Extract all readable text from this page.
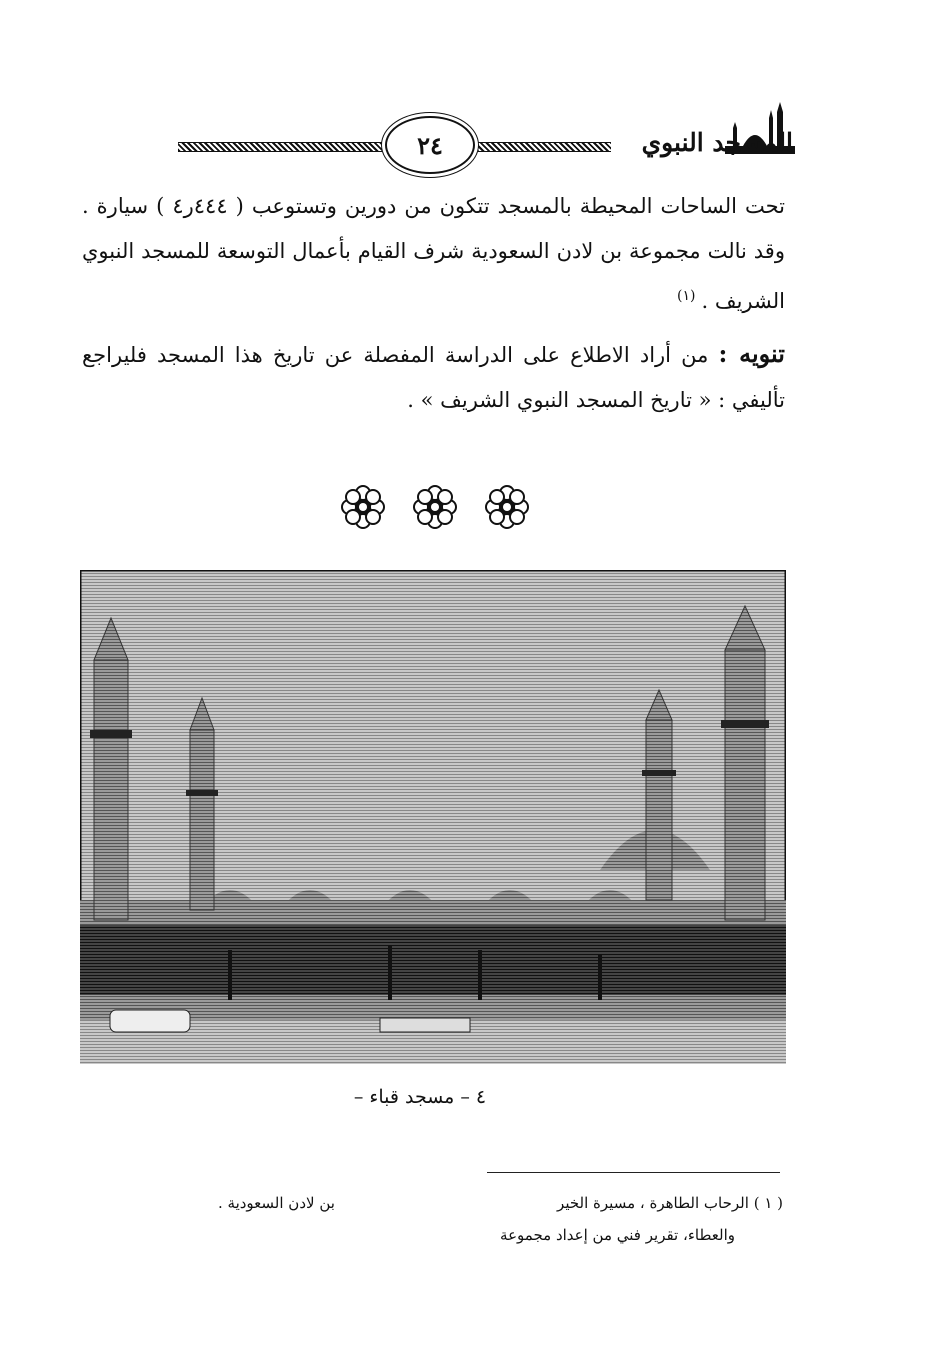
المسجد النبوي
٢٤
تحت الساحات المحيطة بالمسجد تتكون من دورين وتستوعب ( ٤٤٤ر٤ ) سيارة . وقد نالت مجموعة بن لادن السعودية شرف القيام بأعمال التوسعة للمسجد النبوي الشريف .$^{(١)}$
تنويه : من أراد الاطلاع على الدراسة المفصلة عن تاريخ هذا المسجد فليراجع تأليفي : « تاريخ المسجد النبوي الشريف » .
٤ – مسجد قباء –
( ١ ) الرحاب الطاهرة ، مسيرة الخير
والعطاء، تقرير فني من إعداد مجموعة
بن لادن السعودية .
